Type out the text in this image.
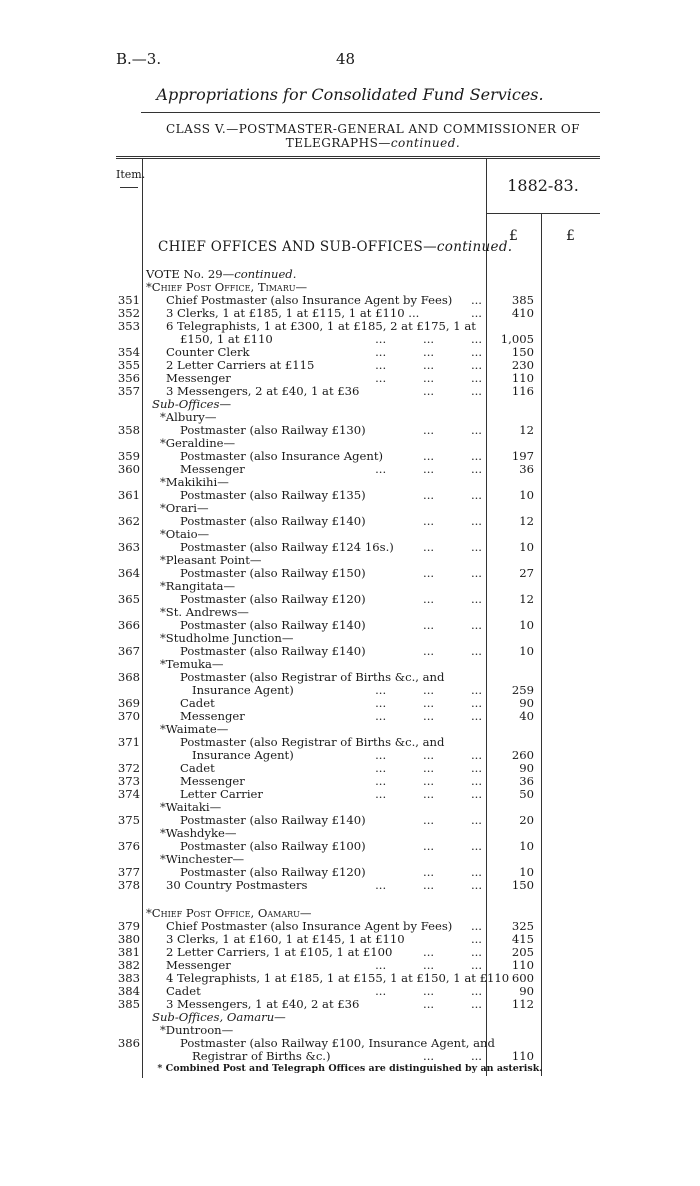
B.—3.	48
Appropriations for Consolidated Fund Services.
CLASS V.—POSTMASTER-GENERAL AND COMMISSIONER OF
TELEGRAPHS—continued.
Item.
1882-83.
£	£
CHIEF OFFICES AND SUB-OFFICES—continued.
VOTE No. 29—continued.
*Chief Post Office, Timaru—
351 Chief Postmaster (also Insurance Agent by Fees) ...	385
352 3 Clerks, 1 at £185, 1 at £115, 1 at £110 ...	...	410
353 6 Telegraphists, 1 at £300, 1 at £185, 2 at £175, 1 at
£150, 1 at £110	...          ...          ...	1,005
354 Counter Clerk	...          ...          ...	150
355 2 Letter Carriers at £115	...          ...          ...	230
356 Messenger	...          ...          ...	110
357 3 Messengers, 2 at £40, 1 at £36	...          ...	116
Sub-Offices—
*Albury—
358	Postmaster (also Railway £130)	...          ...	12
*Geraldine—
359	Postmaster (also Insurance Agent)	...          ...	197
360	Messenger	...          ...          ...	36
*Makikihi—
361	Postmaster (also Railway £135)	...          ...	10
*Orari—
362	Postmaster (also Railway £140)	...          ...	12
*Otaio—
363	Postmaster (also Railway £124 16s.)	...          ...	10
*Pleasant Point—
364	Postmaster (also Railway £150)	...          ...	27
*Rangitata—
365	Postmaster (also Railway £120)	...          ...	12
*St. Andrews—
366	Postmaster (also Railway £140)	...          ...	10
*Studholme Junction—
367	Postmaster (also Railway £140)	...          ...	10
*Temuka—
368	Postmaster (also Registrar of Births &c., and
Insurance Agent)	...          ...          ...	259
369	Cadet	...          ...          ...	90
370	Messenger	...          ...          ...	40
*Waimate—
371	Postmaster (also Registrar of Births &c., and
Insurance Agent)	...          ...          ...	260
372	Cadet	...          ...          ...	90
373	Messenger	...          ...          ...	36
374	Letter Carrier	...          ...          ...	50
*Waitaki—
375	Postmaster (also Railway £140)	...          ...	20
*Washdyke—
376	Postmaster (also Railway £100)	...          ...	10
*Winchester—
377	Postmaster (also Railway £120)	...          ...	10
378 30 Country Postmasters	...          ...          ...	150
*Chief Post Office, Oamaru—
379 Chief Postmaster (also Insurance Agent by Fees) ...	325
380 3 Clerks, 1 at £160, 1 at £145, 1 at £110	...	415
381 2 Letter Carriers, 1 at £105, 1 at £100	...          ...	205
382 Messenger	...          ...          ...	110
383 4 Telegraphists, 1 at £185, 1 at £155, 1 at £150, 1 at £110 600
384 Cadet	...          ...          ...	90
385 3 Messengers, 1 at £40, 2 at £36	...          ...	112
Sub-Offices, Oamaru—
*Duntroon—
386	Postmaster (also Railway £100, Insurance Agent, and
Registrar of Births &c.)	...          ...	110
* Combined Post and Telegraph Offices are distinguished by an asterisk.
